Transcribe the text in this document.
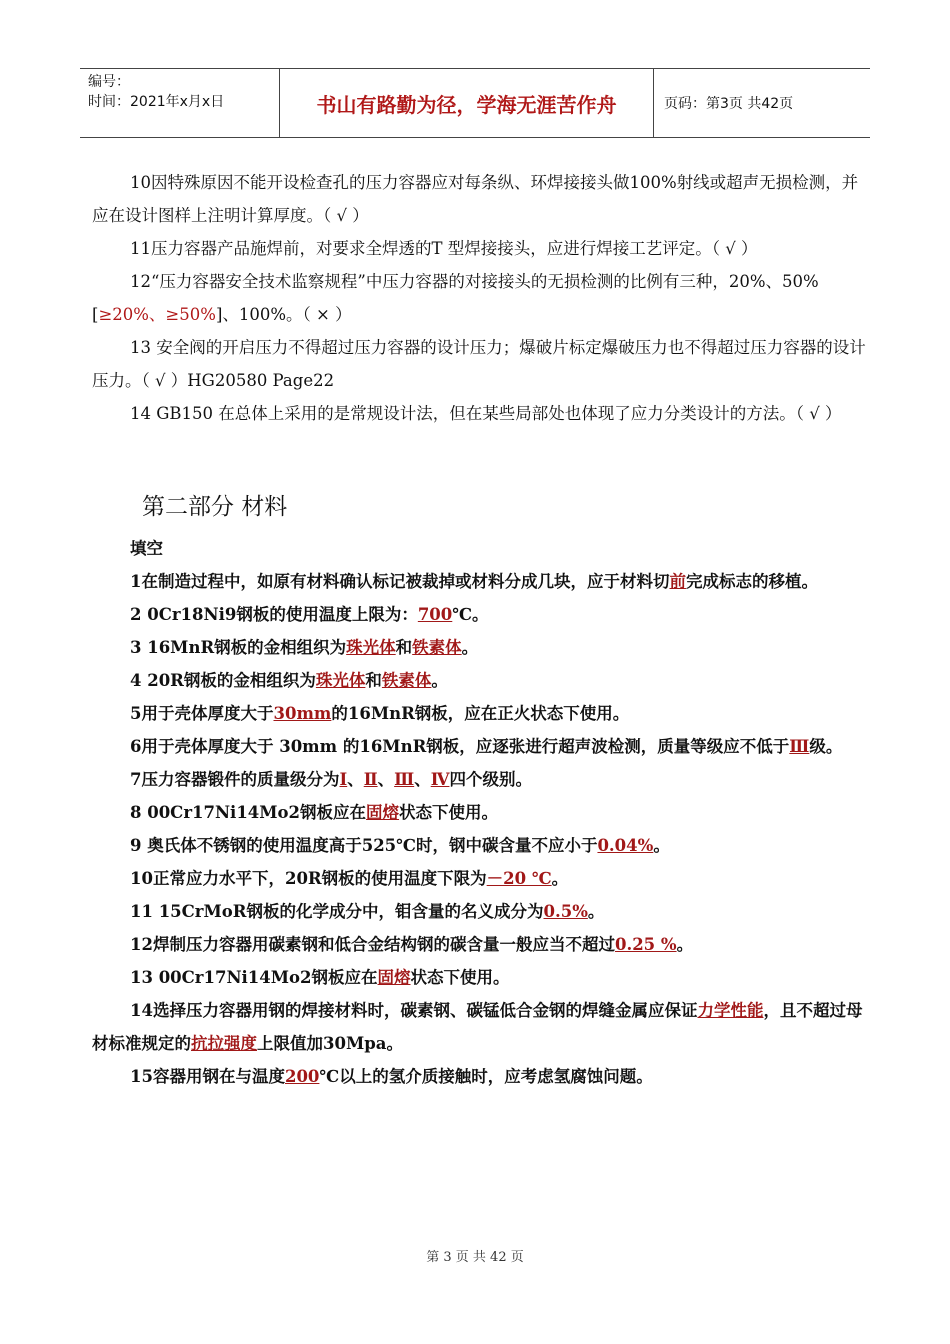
编号：
时间：2021年x月x日	书山有路勤为径，学海无涯苦作舟	页码：第3页 共42页

10因特殊原因不能开设检查孔的压力容器应对每条纵、环焊接接头做100%射线或超声无损检测，并应在设计图样上注明计算厚度。（ √ ）

11压力容器产品施焊前，对要求全焊透的T 型焊接接头，应进行焊接工艺评定。（ √ ）

12“压力容器安全技术监察规程”中压力容器的对接接头的无损检测的比例有三种，20%、50%[≥20%、≥50%]、100%。（ × ）

13 安全阀的开启压力不得超过压力容器的设计压力；爆破片标定爆破压力也不得超过压力容器的设计压力。（ √ ）HG20580 Page22

14 GB150 在总体上采用的是常规设计法，但在某些局部处也体现了应力分类设计的方法。（ √ ）

第二部分 材料

填空

1在制造过程中，如原有材料确认标记被裁掉或材料分成几块，应于材料切前完成标志的移植。

2 0Cr18Ni9钢板的使用温度上限为：700℃。

3 16MnR钢板的金相组织为珠光体和铁素体。

4 20R钢板的金相组织为珠光体和铁素体。

5用于壳体厚度大于30mm的16MnR钢板，应在正火状态下使用。

6用于壳体厚度大于 30mm 的16MnR钢板，应逐张进行超声波检测，质量等级应不低于Ⅲ级。

7压力容器锻件的质量级分为Ⅰ、Ⅱ、Ⅲ、Ⅳ四个级别。

8 00Cr17Ni14Mo2钢板应在固熔状态下使用。

9 奥氏体不锈钢的使用温度高于525℃时，钢中碳含量不应小于0.04%。

10正常应力水平下，20R钢板的使用温度下限为－20 ℃。

11 15CrMoR钢板的化学成分中，钼含量的名义成分为0.5%。

12焊制压力容器用碳素钢和低合金结构钢的碳含量一般应当不超过0.25 %。

13 00Cr17Ni14Mo2钢板应在固熔状态下使用。

14选择压力容器用钢的焊接材料时，碳素钢、碳锰低合金钢的焊缝金属应保证力学性能，且不超过母材标准规定的抗拉强度上限值加30Mpa。

15容器用钢在与温度200℃以上的氢介质接触时，应考虑氢腐蚀问题。

第 3 页 共 42 页
